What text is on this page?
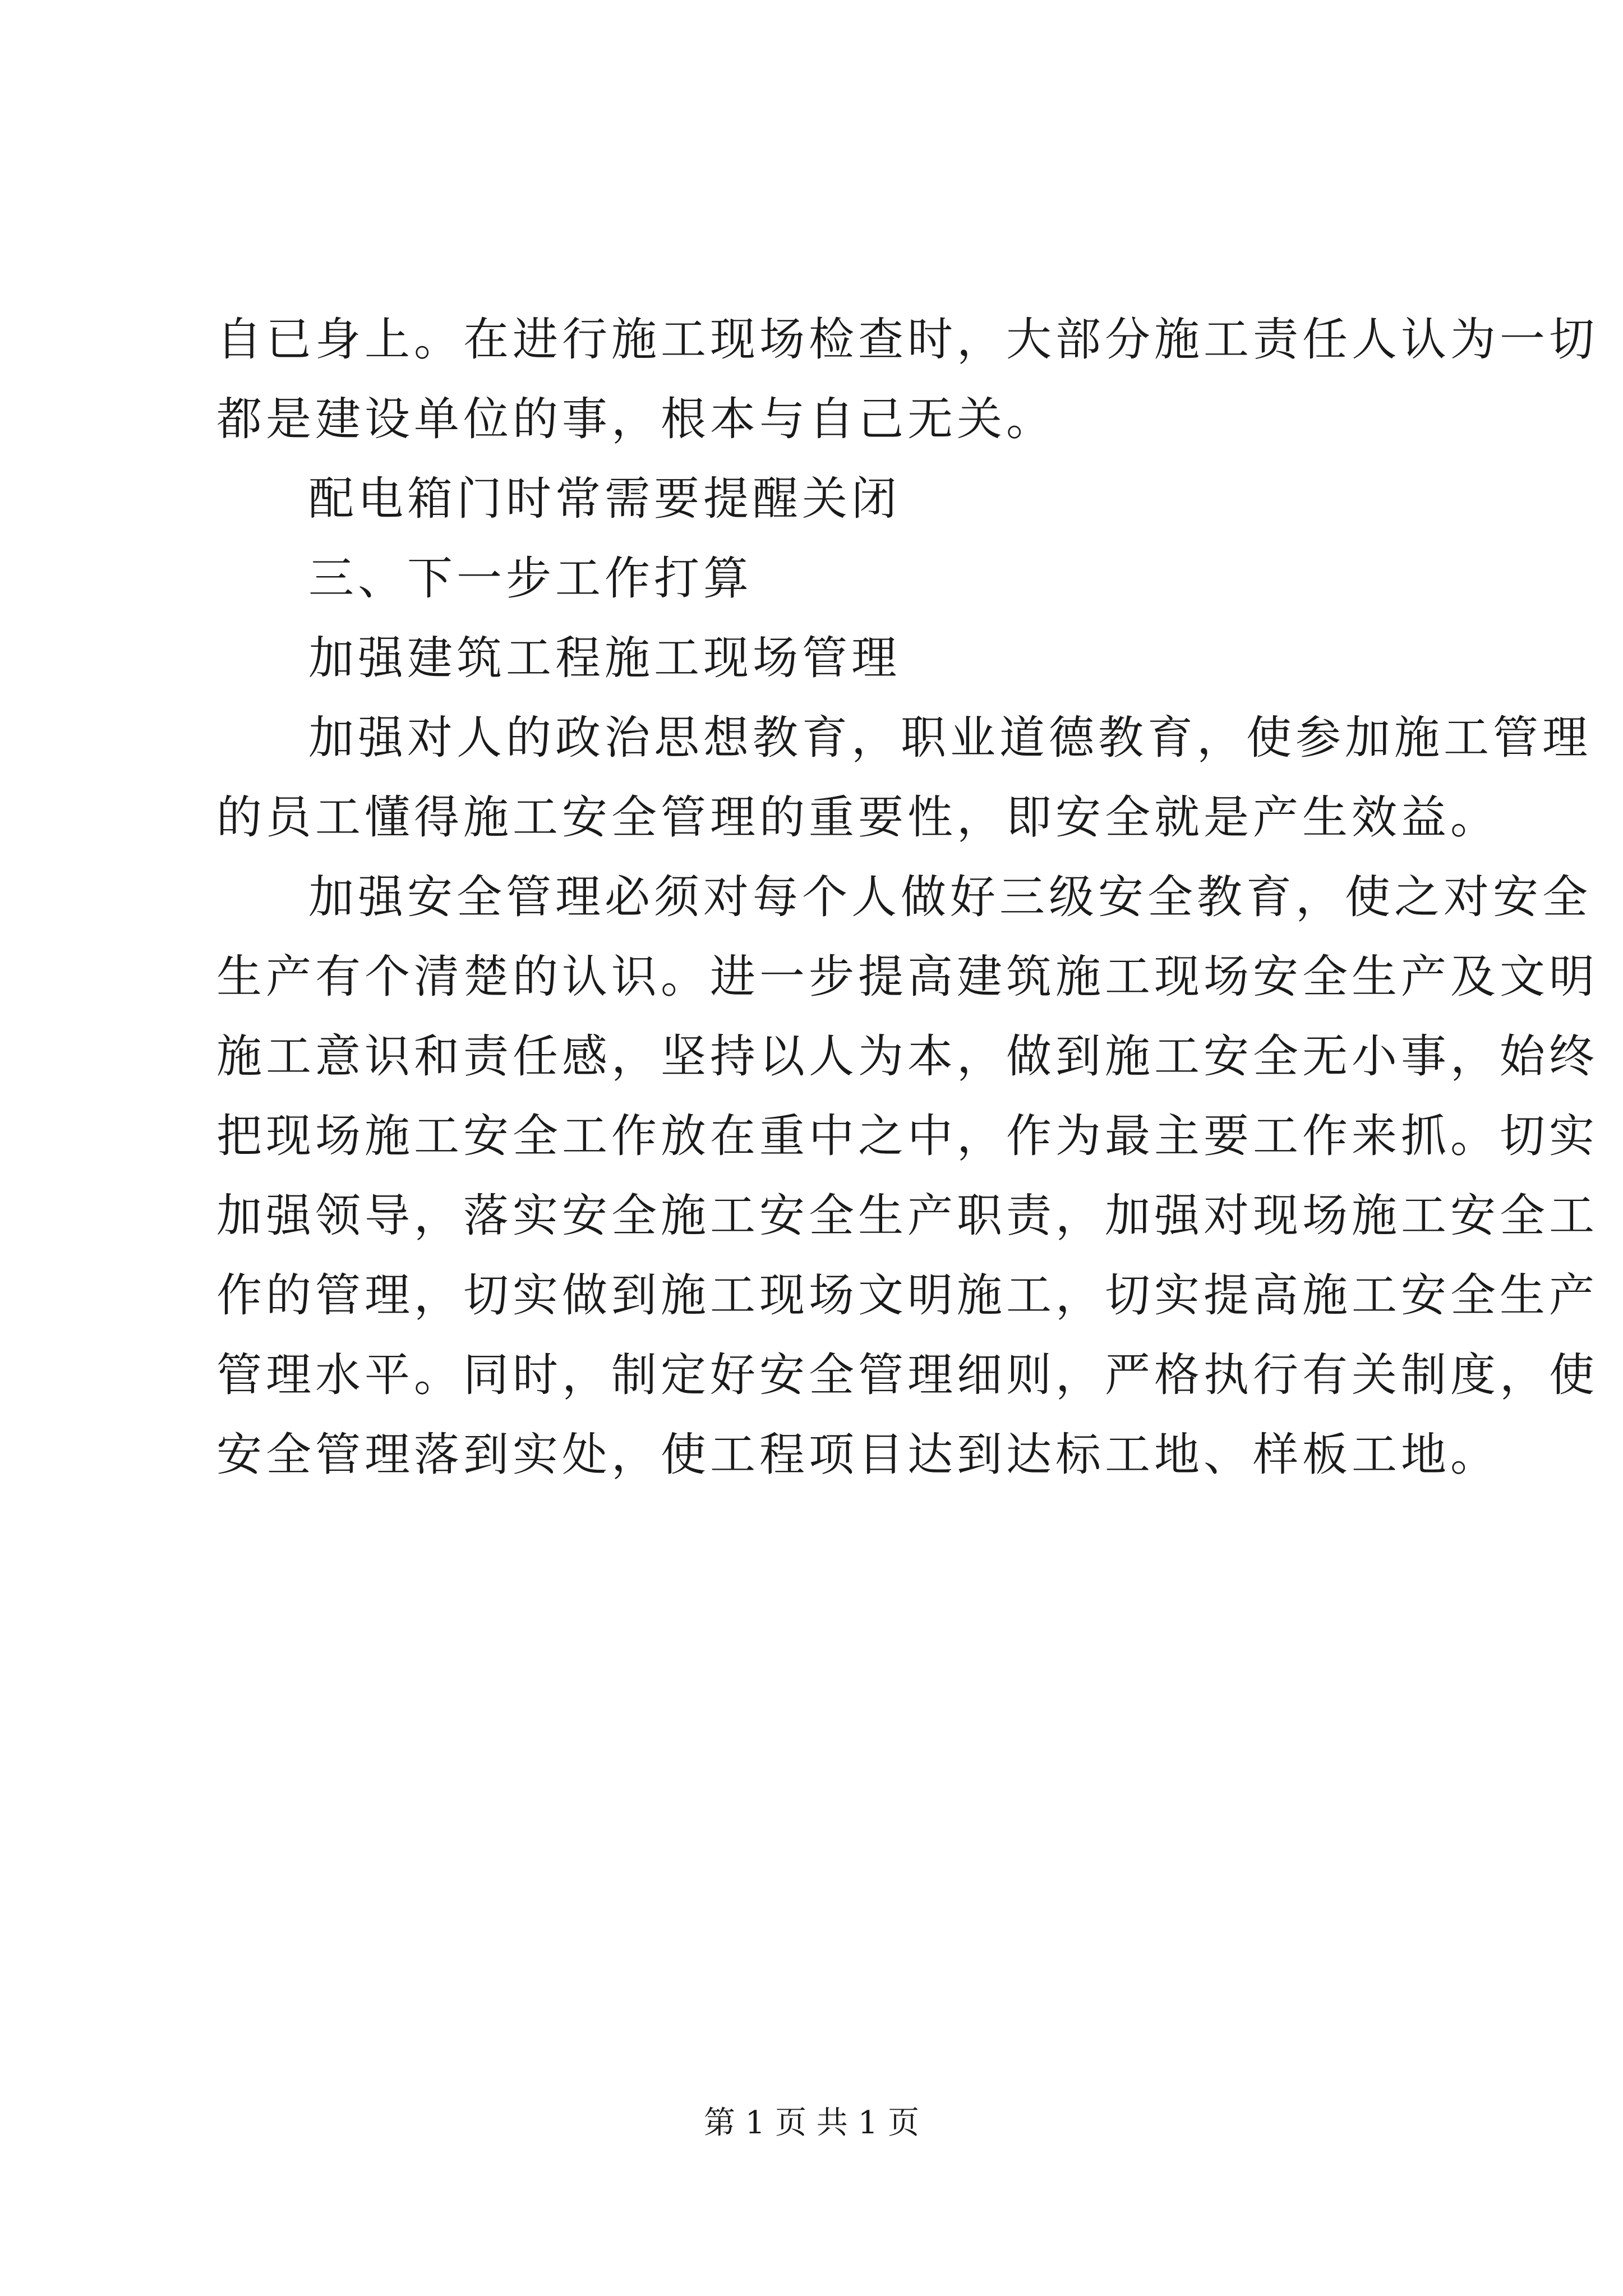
自已身上。在进行施工现场检查时，大部分施工责任人认为一切
都是建设单位的事，根本与自己无关。
配电箱门时常需要提醒关闭
三、下一步工作打算
加强建筑工程施工现场管理
加强对人的政治思想教育，职业道德教育，使参加施工管理
的员工懂得施工安全管理的重要性，即安全就是产生效益。
加强安全管理必须对每个人做好三级安全教育，使之对安全
生产有个清楚的认识。进一步提高建筑施工现场安全生产及文明
施工意识和责任感，坚持以人为本，做到施工安全无小事，始终
把现场施工安全工作放在重中之中，作为最主要工作来抓。切实
加强领导，落实安全施工安全生产职责，加强对现场施工安全工
作的管理，切实做到施工现场文明施工，切实提高施工安全生产
管理水平。同时，制定好安全管理细则，严格执行有关制度，使
安全管理落到实处，使工程项目达到达标工地、样板工地。
第 1 页 共 1 页
